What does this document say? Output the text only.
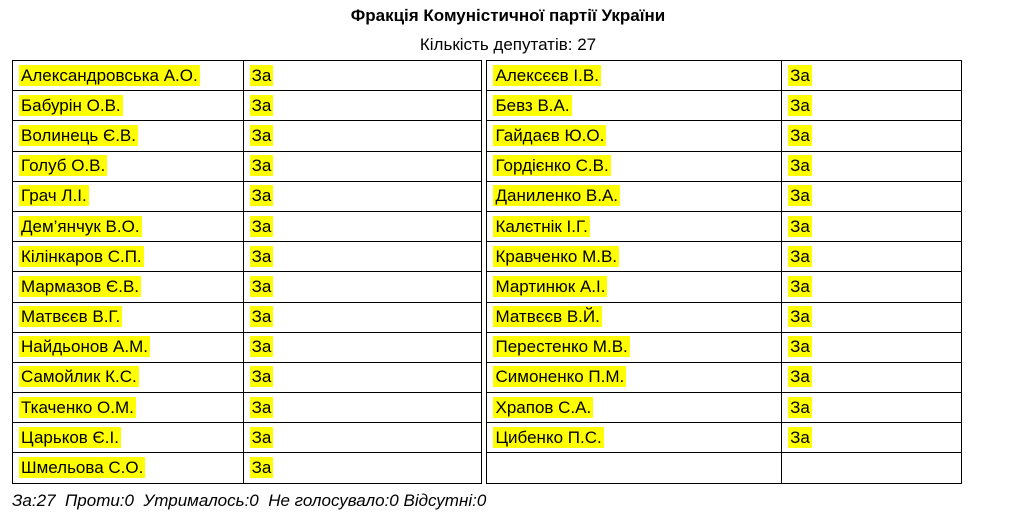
Фракція Комуністичної партії України
Кількість депутатів: 27
Александровська А.О.	За		Алексєєв І.В.	За
Бабурін О.В.	За		Бевз В.А.	За
Волинець Є.В.	За		Гайдаєв Ю.О.	За
Голуб О.В.	За		Гордієнко С.В.	За
Грач Л.І.	За		Даниленко В.А.	За
Дем’янчук В.О.	За		Калєтнік І.Г.	За
Кілінкаров С.П.	За		Кравченко М.В.	За
Мармазов Є.В.	За		Мартинюк А.І.	За
Матвєєв В.Г.	За		Матвєєв В.Й.	За
Найдьонов А.М.	За		Перестенко М.В.	За
Самойлик К.С.	За		Симоненко П.М.	За
Ткаченко О.М.	За		Храпов С.А.	За
Царьков Є.І.	За		Цибенко П.С.	За
Шмельова С.О.	За			
За:27  Проти:0  Утрималось:0  Не голосувало:0 Відсутні:0
